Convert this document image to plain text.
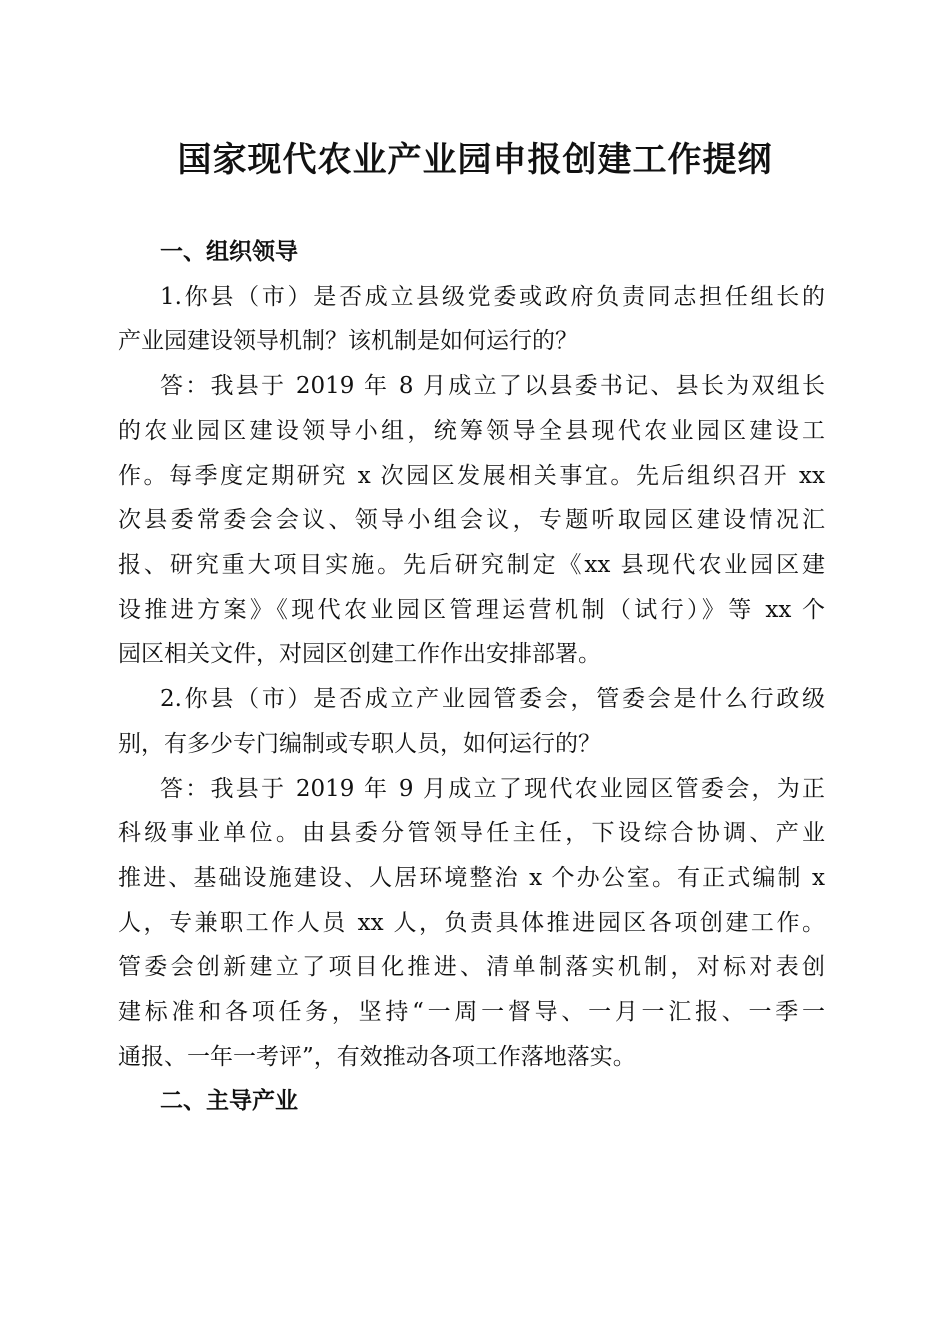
国家现代农业产业园申报创建工作提纲
一、组织领导
1.你县（市）是否成立县级党委或政府负责同志担任组长的
产业园建设领导机制？该机制是如何运行的？
答：我县于 2019 年 8 月成立了以县委书记、县长为双组长
的农业园区建设领导小组，统筹领导全县现代农业园区建设工
作。每季度定期研究 x 次园区发展相关事宜。先后组织召开 xx
次县委常委会会议、领导小组会议，专题听取园区建设情况汇
报、研究重大项目实施。先后研究制定《xx 县现代农业园区建
设推进方案》《现代农业园区管理运营机制（试行）》等 xx 个
园区相关文件，对园区创建工作作出安排部署。
2.你县（市）是否成立产业园管委会，管委会是什么行政级
别，有多少专门编制或专职人员，如何运行的？
答：我县于 2019 年 9 月成立了现代农业园区管委会，为正
科级事业单位。由县委分管领导任主任，下设综合协调、产业
推进、基础设施建设、人居环境整治 x 个办公室。有正式编制 x
人，专兼职工作人员 xx 人，负责具体推进园区各项创建工作。
管委会创新建立了项目化推进、清单制落实机制，对标对表创
建标准和各项任务，坚持“一周一督导、一月一汇报、一季一
通报、一年一考评”，有效推动各项工作落地落实。
二、主导产业
